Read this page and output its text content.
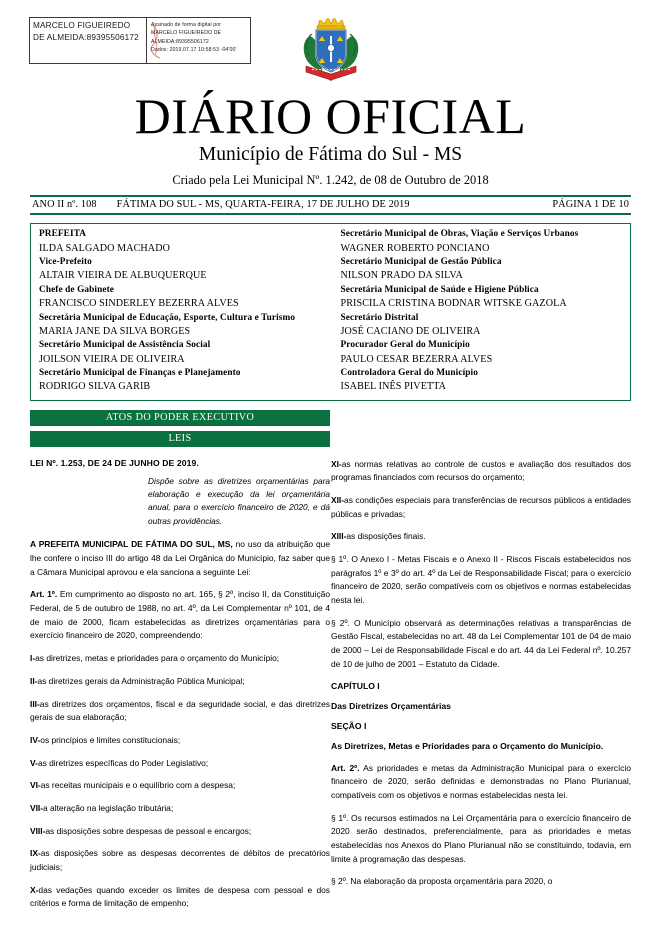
MARCELO FIGUEIREDO DE ALMEIDA:89395506172
Assinado de forma digital por
MARCELO FIGUEIREDO DE
ALMEIDA:89395506172
Dados: 2019.07.17 10:58:53 -04'00'
DIÁRIO OFICIAL
Município de Fátima do Sul - MS
Criado pela Lei Municipal Nº. 1.242, de 08 de Outubro de 2018
ANO II nº. 108	FÁTIMA DO SUL - MS, QUARTA-FEIRA, 17 DE JULHO DE 2019	PÁGINA 1 DE 10
PREFEITA
ILDA SALGADO MACHADO
Vice-Prefeito
ALTAIR VIEIRA DE ALBUQUERQUE
Chefe de Gabinete
FRANCISCO SINDERLEY BEZERRA ALVES
Secretária Municipal de Educação, Esporte, Cultura e Turismo
MARIA JANE DA SILVA BORGES
Secretário Municipal de Assistência Social
JOILSON VIEIRA DE OLIVEIRA
Secretário Municipal de Finanças e Planejamento
RODRIGO SILVA GARIB
Secretário Municipal de Obras, Viação e Serviços Urbanos
WAGNER ROBERTO PONCIANO
Secretário Municipal de Gestão Pública
NILSON PRADO DA SILVA
Secretária Municipal de Saúde e Higiene Pública
PRISCILA CRISTINA BODNAR WITSKE GAZOLA
Secretário Distrital
JOSÉ CACIANO DE OLIVEIRA
Procurador Geral do Município
PAULO CESAR BEZERRA ALVES
Controladora Geral do Município
ISABEL INÊS PIVETTA
ATOS DO PODER EXECUTIVO
LEIS
LEI Nº. 1.253, DE 24 DE JUNHO DE 2019.
Dispõe sobre as diretrizes orçamentárias para elaboração e execução da lei orçamentária anual, para o exercício financeiro de 2020, e dá outras providências.

A PREFEITA MUNICIPAL DE FÁTIMA DO SUL, MS, no uso da atribuição que lhe confere o inciso III do artigo 48 da Lei Orgânica do Município, faz saber que a Câmara Municipal aprovou e ela sanciona a seguinte Lei:

Art. 1º. Em cumprimento ao disposto no art. 165, § 2º, inciso II, da Constituição Federal, de 5 de outubro de 1988, no art. 4º, da Lei Complementar nº 101, de 4 de maio de 2000, ficam estabelecidas as diretrizes orçamentárias para o exercício financeiro de 2020, compreendendo:

I-as diretrizes, metas e prioridades para o orçamento do Município;

II-as diretrizes gerais da Administração Pública Municipal;

III-as diretrizes dos orçamentos, fiscal e da seguridade social, e das diretrizes gerais de sua elaboração;

IV-os princípios e limites constitucionais;

V-as diretrizes específicas do Poder Legislativo;

VI-as receitas municipais e o equilíbrio com a despesa;

VII-a alteração na legislação tributária;

VIII-as disposições sobre despesas de pessoal e encargos;

IX-as disposições sobre as despesas decorrentes de débitos de precatórios judiciais;

X-das vedações quando exceder os limites de despesa com pessoal e dos critérios e forma de limitação de empenho;

XI-as normas relativas ao controle de custos e avaliação dos resultados dos programas financiados com recursos do orçamento;

XII-as condições especiais para transferências de recursos públicos a entidades públicas e privadas;

XIII-as disposições finais.

§ 1º. O Anexo I - Metas Fiscais e o Anexo II - Riscos Fiscais estabelecidos nos parágrafos 1º e 3º do art. 4º da Lei de Responsabilidade Fiscal; para o exercício financeiro de 2020, serão compatíveis com os objetivos e normas estabelecidas nesta lei.

§ 2º. O Município observará as determinações relativas a transparências de Gestão Fiscal, estabelecidas no art. 48 da Lei Complementar 101 de 04 de maio de 2000 – Lei de Responsabilidade Fiscal e do art. 44 da Lei Federal nº. 10.257 de 10 de julho de 2001 – Estatuto da Cidade.

CAPÍTULO I
Das Diretrizes Orçamentárias
SEÇÃO I
As Diretrizes, Metas e Prioridades para o Orçamento do Município.

Art. 2º. As prioridades e metas da Administração Municipal para o exercício financeiro de 2020, serão definidas e demonstradas no Plano Plurianual, compatíveis com os objetivos e normas estabelecidas nesta lei.

§ 1º. Os recursos estimados na Lei Orçamentária para o exercício financeiro de 2020 serão destinados, preferencialmente, para as prioridades e metas estabelecidas nos Anexos do Plano Plurianual não se constituindo, todavia, em limite à programação das despesas.

§ 2º. Na elaboração da proposta orçamentária para 2020, o
